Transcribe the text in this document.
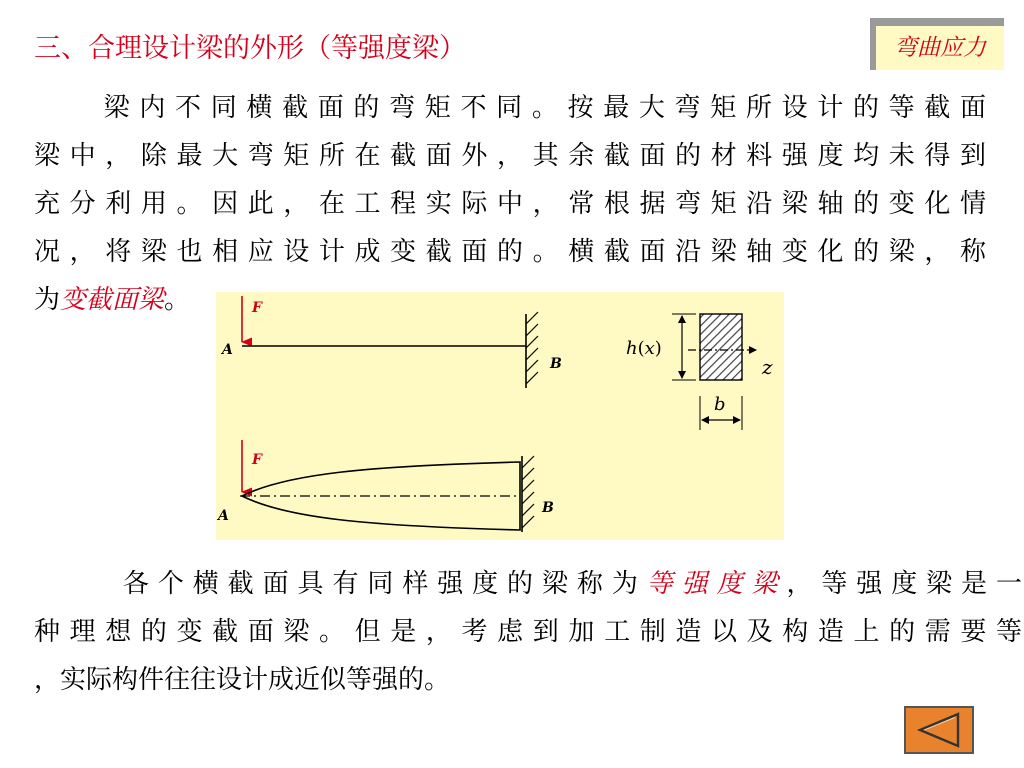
三、合理设计梁的外形（等强度梁）	弯曲应力
梁内不同横截面的弯矩不同。按最大弯矩所设计的等截面
梁中，除最大弯矩所在截面外，其余截面的材料强度均未得到
充分利用。因此，在工程实际中，常根据弯矩沿梁轴的变化情
况，将梁也相应设计成变截面的。横截面沿梁轴变化的梁，称
为变截面梁。	F
A
B	z
h(x)
b
F
B
A
各个横截面具有同样强度的梁称为等强度梁，等强度梁是一
种理想的变截面梁。但是，考虑到加工制造以及构造上的需要等
，实际构件往往设计成近似等强的。
